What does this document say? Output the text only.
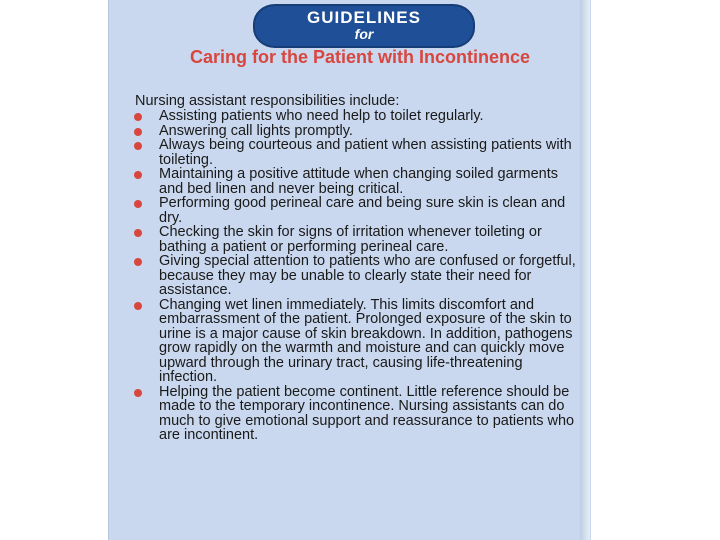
GUIDELINES
for
Caring for the Patient with Incontinence
Nursing assistant responsibilities include:
Assisting patients who need help to toilet regularly.
Answering call lights promptly.
Always being courteous and patient when assisting patients with toileting.
Maintaining a positive attitude when changing soiled garments and bed linen and never being critical.
Performing good perineal care and being sure skin is clean and dry.
Checking the skin for signs of irritation whenever toileting or bathing a patient or performing perineal care.
Giving special attention to patients who are confused or forgetful, because they may be unable to clearly state their need for assistance.
Changing wet linen immediately. This limits discomfort and embarrassment of the patient. Prolonged exposure of the skin to urine is a major cause of skin breakdown. In addition, pathogens grow rapidly on the warmth and moisture and can quickly move upward through the urinary tract, causing life-threatening infection.
Helping the patient become continent. Little reference should be made to the temporary incontinence. Nursing assistants can do much to give emotional support and reassurance to patients who are incontinent.
